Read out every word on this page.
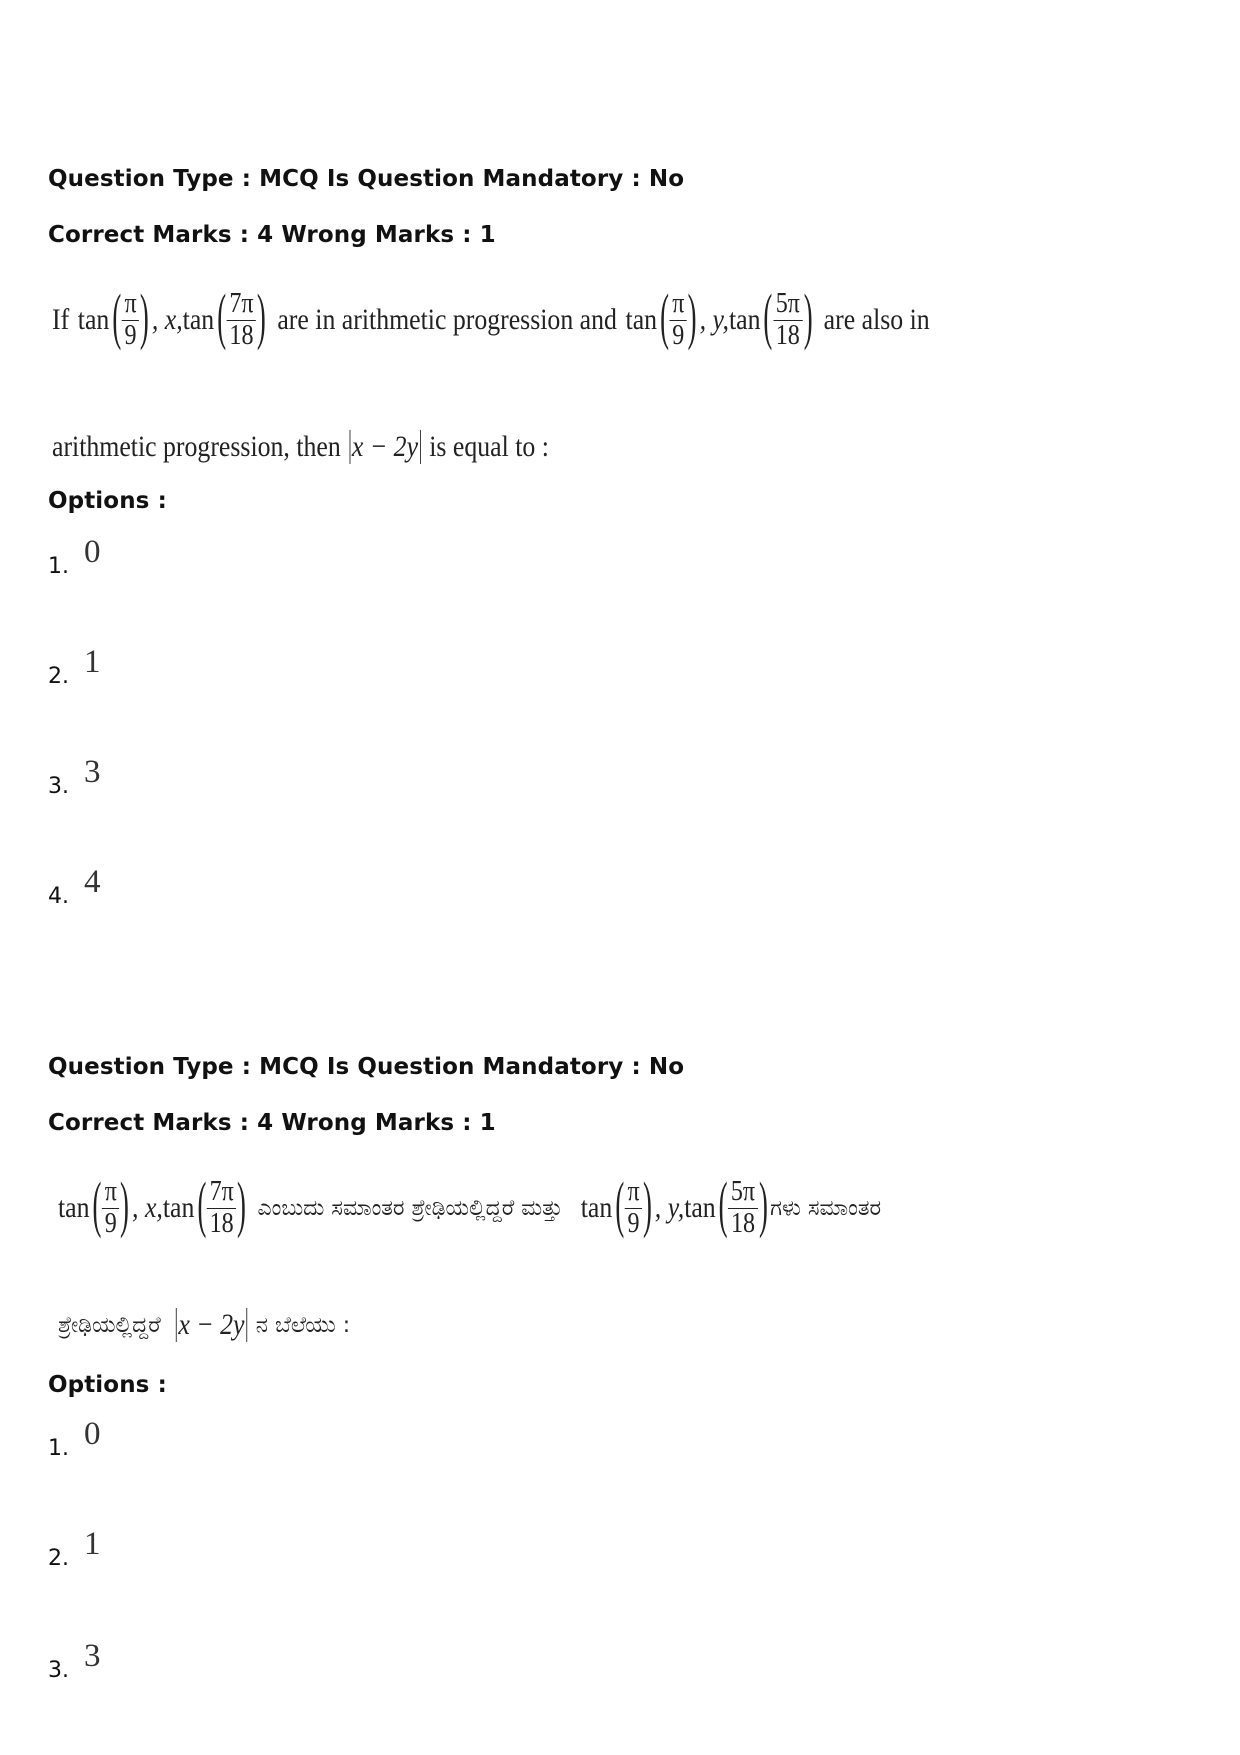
Question Type : MCQ Is Question Mandatory : No
Correct Marks : 4 Wrong Marks : 1
If tan ( $\frac{\pi}{9}$ ) , x, tan ( $\frac{7\pi}{18}$ ) are in arithmetic progression and tan ( $\frac{\pi}{9}$ ) , y, tan ( $\frac{5\pi}{18}$ ) are also in
arithmetic progression, then x − 2y is equal to :
Options :
1. 0
2. 1
3. 3
4. 4
Question Type : MCQ Is Question Mandatory : No
Correct Marks : 4 Wrong Marks : 1
tan ( $\frac{\pi}{9}$ ) , x, tan ( $\frac{7\pi}{18}$ ) ಎಂಬುದು ಸಮಾಂತರ ಶ್ರೇಢಿಯಲ್ಲಿದ್ದರೆ ಮತ್ತು tan ( $\frac{\pi}{9}$ ) , y, tan ( $\frac{5\pi}{18}$ ) ಗಳು ಸಮಾಂತರ
ಶ್ರೇಢಿಯಲ್ಲಿದ್ದರೆ x − 2y ನ ಬೆಲೆಯು :
Options :
1. 0
2. 1
3. 3
